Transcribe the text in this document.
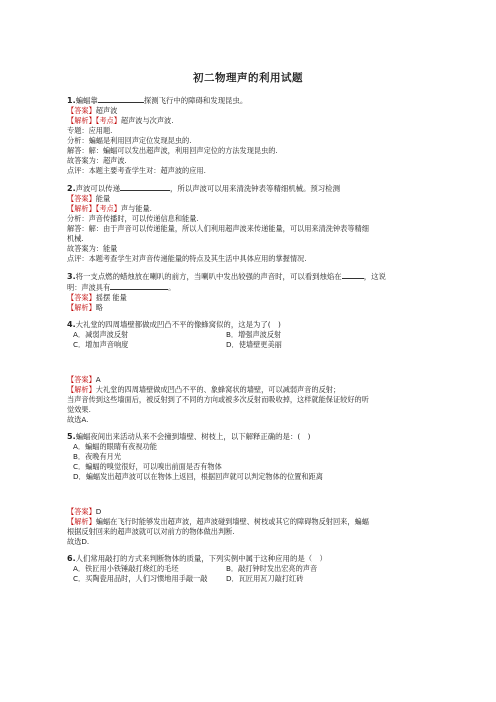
初二物理声的利用试题
1.蝙蝠靠	探测飞行中的障碍和发现昆虫。
【答案】超声波
【解析】【考点】超声波与次声波.
专题：应用题.
分析：蝙蝠是利用回声定位发现昆虫的.
解答：解：蝙蝠可以发出超声波，利用回声定位的方法发现昆虫的.
故答案为：超声波.
点评：本题主要考查学生对：超声波的应用.
2.声波可以传递	，所以声波可以用来清洗钟表等精细机械。预习检测
【答案】能量
【解析】【考点】声与能量.
分析：声音传播时，可以传递信息和能量.
解答：解：由于声音可以传递能量，所以人们利用超声波来传递能量，可以用来清洗钟表等精细
机械.
故答案为：能量
点评：本题考查学生对声音传递能量的特点及其生活中具体应用的掌握情况.
3.将一支点燃的蜡烛放在喇叭的前方，当喇叭中发出较强的声音时，可以看到烛焰在	，这说
明：声波具有	。
【答案】摇摆 能量
【解析】略
4.大礼堂的四周墙壁都做成凹凸不平的像蜂窝似的，这是为了(　)
A．减弱声波反射	B．增强声波反射
C．增加声音响度	D．使墙壁更美丽
【答案】A
【解析】大礼堂的四周墙壁做成凹凸不平的、象蜂窝状的墙壁，可以减弱声音的反射；
当声音传到这些墙面后，被反射到了不同的方向或被多次反射而吸收掉，这样就能保证较好的听
觉效果.
故选A.
5.蝙蝠夜间出来活动从来不会撞到墙壁、树枝上，以下解释正确的是：(　)
A．蝙蝠的眼睛有夜视功能
B．夜晚有月光
C．蝙蝠的嗅觉很好，可以嗅出前面是否有物体
D．蝙蝠发出超声波可以在物体上返回，根据回声就可以判定物体的位置和距离
【答案】D
【解析】蝙蝠在飞行时能够发出超声波，超声波碰到墙壁、树枝或其它的障碍物反射回来，蝙蝠
根据反射回来的超声波就可以对前方的物体做出判断.
故选D.
6.人们常用敲打的方式来判断物体的质量，下列实例中属于这种应用的是（　）
A．铁匠用小铁锤敲打烧红的毛坯	B．敲打钟时发出宏亮的声音
C．买陶瓷用品时，人们习惯地用手敲一敲	D．瓦匠用瓦刀敲打红砖
